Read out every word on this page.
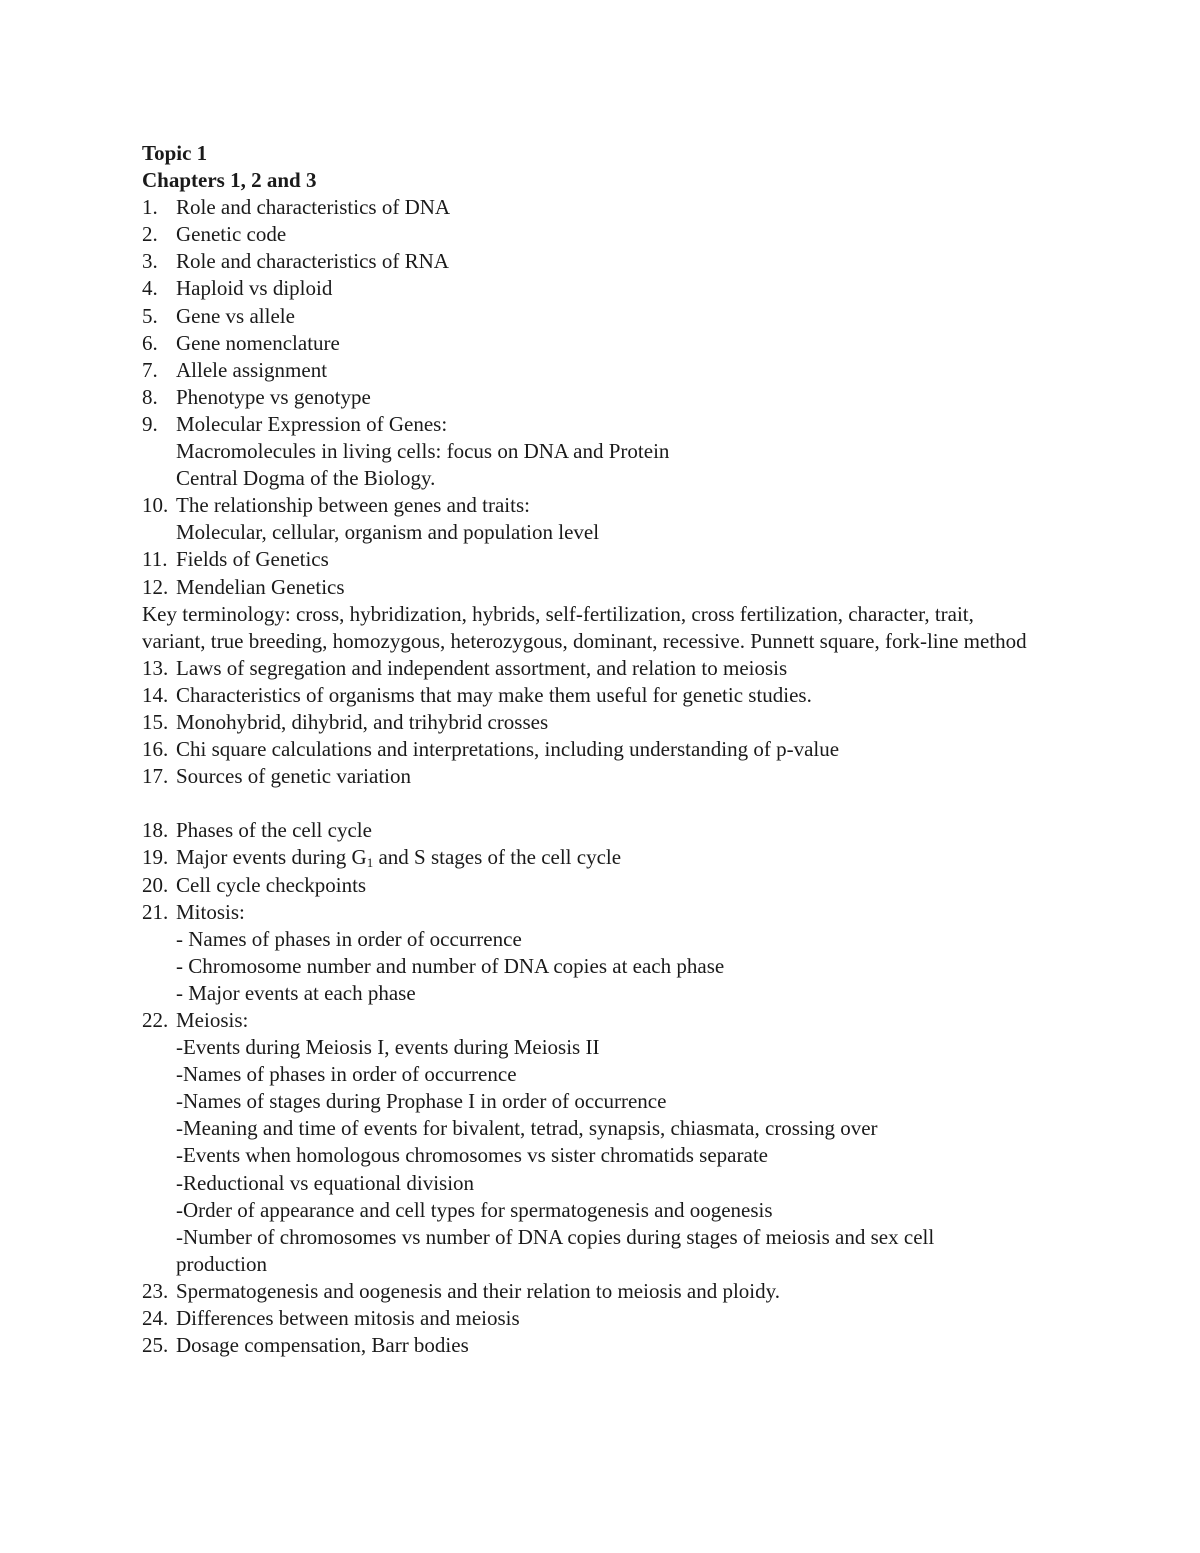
Topic 1
Chapters 1, 2 and 3
1. Role and characteristics of DNA
2. Genetic code
3. Role and characteristics of RNA
4. Haploid vs diploid
5. Gene vs allele
6. Gene nomenclature
7. Allele assignment
8. Phenotype vs genotype
9. Molecular Expression of Genes:
Macromolecules in living cells: focus on DNA and Protein
Central Dogma of the Biology.
10. The relationship between genes and traits:
Molecular, cellular, organism and population level
11. Fields of Genetics
12. Mendelian Genetics
Key terminology: cross, hybridization, hybrids, self-fertilization, cross fertilization, character, trait, variant, true breeding, homozygous, heterozygous, dominant, recessive. Punnett square, fork-line method
13. Laws of segregation and independent assortment, and relation to meiosis
14. Characteristics of organisms that may make them useful for genetic studies.
15. Monohybrid, dihybrid, and trihybrid crosses
16. Chi square calculations and interpretations, including understanding of p-value
17. Sources of genetic variation
18. Phases of the cell cycle
19. Major events during $G_1$ and S stages of the cell cycle
20. Cell cycle checkpoints
21. Mitosis:
- Names of phases in order of occurrence
- Chromosome number and number of DNA copies at each phase
- Major events at each phase
22. Meiosis:
-Events during Meiosis I, events during Meiosis II
-Names of phases in order of occurrence
-Names of stages during Prophase I in order of occurrence
-Meaning and time of events for bivalent, tetrad, synapsis, chiasmata, crossing over
-Events when homologous chromosomes vs sister chromatids separate
-Reductional vs equational division
-Order of appearance and cell types for spermatogenesis and oogenesis
-Number of chromosomes vs number of DNA copies during stages of meiosis and sex cell
production
23. Spermatogenesis and oogenesis and their relation to meiosis and ploidy.
24. Differences between mitosis and meiosis
25. Dosage compensation, Barr bodies
